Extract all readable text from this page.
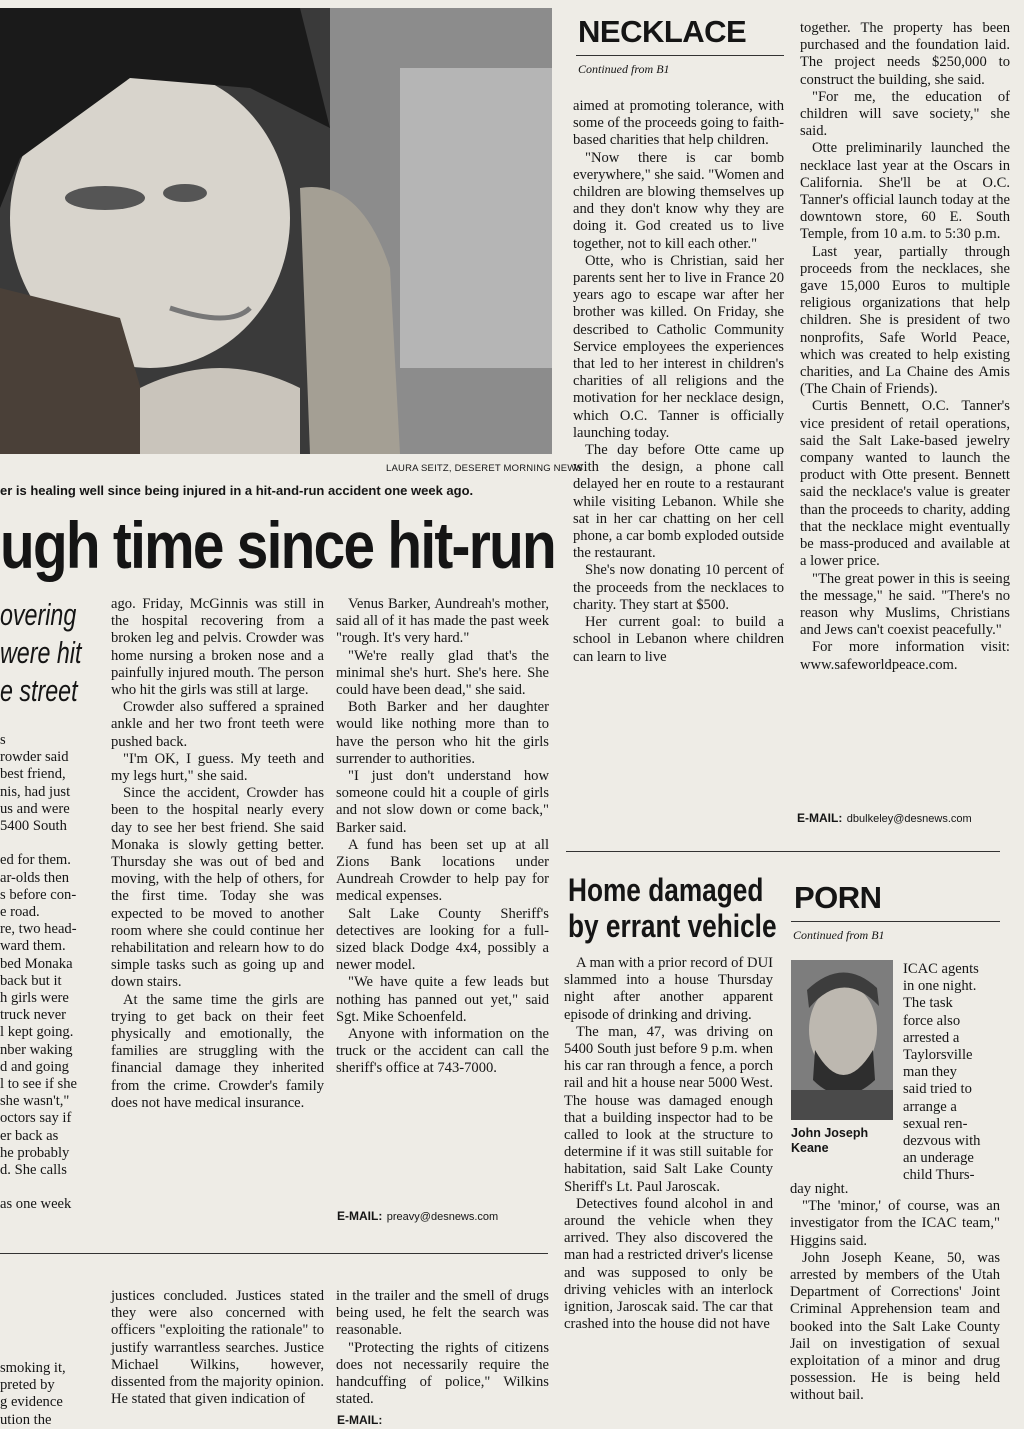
LAURA SEITZ, DESERET MORNING NEWS
er is healing well since being injured in a hit-and-run accident one week ago.
ugh time since hit-run
overing
were hit
e street
s
rowder said
best friend,
nis, had just
us and were
5400 South

ed for them.
ar-olds then
s before con-
e road.
re, two head-
ward them.
bed Monaka
back but it
h girls were
truck never
l kept going.
nber waking
d and going
l to see if she
she wasn't,"
octors say if
er back as
he probably
d. She calls

as one week

ago. Friday, McGinnis was still in the hospital recovering from a broken leg and pelvis. Crowder was home nursing a broken nose and a painfully injured mouth. The person who hit the girls was still at large.

Crowder also suffered a sprained ankle and her two front teeth were pushed back.

"I'm OK, I guess. My teeth and my legs hurt," she said.

Since the accident, Crowder has been to the hospital nearly every day to see her best friend. She said Monaka is slowly getting better. Thursday she was out of bed and moving, with the help of others, for the first time. Today she was expected to be moved to another room where she could continue her rehabilitation and relearn how to do simple tasks such as going up and down stairs.

At the same time the girls are trying to get back on their feet physically and emotionally, the families are struggling with the financial damage they inherited from the crime. Crowder's family does not have medical insurance.

Venus Barker, Aundreah's mother, said all of it has made the past week "rough. It's very hard."

"We're really glad that's the minimal she's hurt. She's here. She could have been dead," she said.

Both Barker and her daughter would like nothing more than to have the person who hit the girls surrender to authorities.

"I just don't understand how someone could hit a couple of girls and not slow down or come back," Barker said.

A fund has been set up at all Zions Bank locations under Aundreah Crowder to help pay for medical expenses.

Salt Lake County Sheriff's detectives are looking for a full-sized black Dodge 4x4, possibly a newer model.

"We have quite a few leads but nothing has panned out yet," said Sgt. Mike Schoenfeld.

Anyone with information on the truck or the accident can call the sheriff's office at 743-7000.

E-MAIL: preavy@desnews.com
smoking it,
preted by
g evidence
ution the

justices concluded. Justices stated they were also concerned with officers "exploiting the rationale" to justify warrantless searches. Justice Michael Wilkins, however, dissented from the majority opinion. He stated that given indication of

in the trailer and the smell of drugs being used, he felt the search was reasonable.

"Protecting the rights of citizens does not necessarily require the handcuffing of police," Wilkins stated.

E-MAIL:
NECKLACE
Continued from B1

aimed at promoting tolerance, with some of the proceeds going to faith-based charities that help children.

"Now there is car bomb everywhere," she said. "Women and children are blowing themselves up and they don't know why they are doing it. God created us to live together, not to kill each other."

Otte, who is Christian, said her parents sent her to live in France 20 years ago to escape war after her brother was killed. On Friday, she described to Catholic Community Service employees the experiences that led to her interest in children's charities of all religions and the motivation for her necklace design, which O.C. Tanner is officially launching today.

The day before Otte came up with the design, a phone call delayed her en route to a restaurant while visiting Lebanon. While she sat in her car chatting on her cell phone, a car bomb exploded outside the restaurant.

She's now donating 10 percent of the proceeds from the necklaces to charity. They start at $500.

Her current goal: to build a school in Lebanon where children can learn to live

together. The property has been purchased and the foundation laid. The project needs $250,000 to construct the building, she said.

"For me, the education of children will save society," she said.

Otte preliminarily launched the necklace last year at the Oscars in California. She'll be at O.C. Tanner's official launch today at the downtown store, 60 E. South Temple, from 10 a.m. to 5:30 p.m.

Last year, partially through proceeds from the necklaces, she gave 15,000 Euros to multiple religious organizations that help children. She is president of two nonprofits, Safe World Peace, which was created to help existing charities, and La Chaine des Amis (The Chain of Friends).

Curtis Bennett, O.C. Tanner's vice president of retail operations, said the Salt Lake-based jewelry company wanted to launch the product with Otte present. Bennett said the necklace's value is greater than the proceeds to charity, adding that the necklace might eventually be mass-produced and available at a lower price.

"The great power in this is seeing the message," he said. "There's no reason why Muslims, Christians and Jews can't coexist peacefully."

For more information visit: www.safeworldpeace.com.

E-MAIL: dbulkeley@desnews.com
Home damaged
by errant vehicle

A man with a prior record of DUI slammed into a house Thursday night after another apparent episode of drinking and driving.

The man, 47, was driving on 5400 South just before 9 p.m. when his car ran through a fence, a porch rail and hit a house near 5000 West. The house was damaged enough that a building inspector had to be called to look at the structure to determine if it was still suitable for habitation, said Salt Lake County Sheriff's Lt. Paul Jaroscak.

Detectives found alcohol in and around the vehicle when they arrived. They also discovered the man had a restricted driver's license and was supposed to only be driving vehicles with an interlock ignition, Jaroscak said. The car that crashed into the house did not have

PORN
Continued from B1
John Joseph Keane
ICAC agents
in one night.
The task
force also
arrested a
Taylorsville
man they
said tried to
arrange a
sexual ren-
dezvous with
an underage
child Thurs-

day night.

"The 'minor,' of course, was an investigator from the ICAC team," Higgins said.

John Joseph Keane, 50, was arrested by members of the Utah Department of Corrections' Joint Criminal Apprehension team and booked into the Salt Lake County Jail on investigation of sexual exploitation of a minor and drug possession. He is being held without bail.
